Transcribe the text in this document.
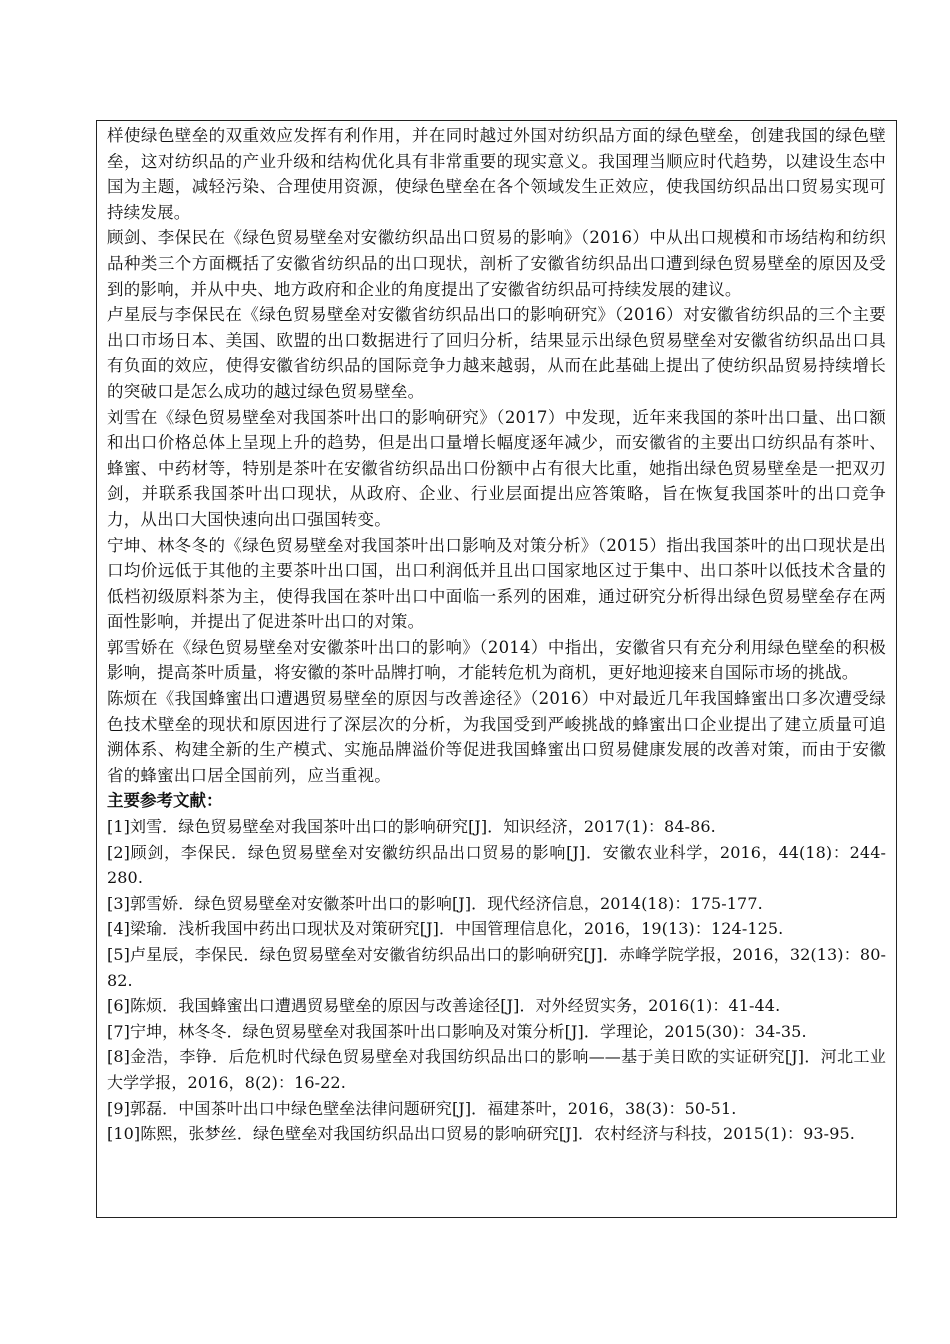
样使绿色壁垒的双重效应发挥有利作用，并在同时越过外国对纺织品方面的绿色壁垒，创建我国的绿色壁垒，这对纺织品的产业升级和结构优化具有非常重要的现实意义。我国理当顺应时代趋势，以建设生态中国为主题，减轻污染、合理使用资源，使绿色壁垒在各个领域发生正效应，使我国纺织品出口贸易实现可持续发展。

顾剑、李保民在《绿色贸易壁垒对安徽纺织品出口贸易的影响》（2016）中从出口规模和市场结构和纺织品种类三个方面概括了安徽省纺织品的出口现状，剖析了安徽省纺织品出口遭到绿色贸易壁垒的原因及受到的影响，并从中央、地方政府和企业的角度提出了安徽省纺织品可持续发展的建议。

卢星辰与李保民在《绿色贸易壁垒对安徽省纺织品出口的影响研究》（2016）对安徽省纺织品的三个主要出口市场日本、美国、欧盟的出口数据进行了回归分析，结果显示出绿色贸易壁垒对安徽省纺织品出口具有负面的效应，使得安徽省纺织品的国际竞争力越来越弱，从而在此基础上提出了使纺织品贸易持续增长的突破口是怎么成功的越过绿色贸易壁垒。

刘雪在《绿色贸易壁垒对我国茶叶出口的影响研究》（2017）中发现，近年来我国的茶叶出口量、出口额和出口价格总体上呈现上升的趋势，但是出口量增长幅度逐年减少，而安徽省的主要出口纺织品有茶叶、蜂蜜、中药材等，特别是茶叶在安徽省纺织品出口份额中占有很大比重，她指出绿色贸易壁垒是一把双刃剑，并联系我国茶叶出口现状，从政府、企业、行业层面提出应答策略，旨在恢复我国茶叶的出口竞争力，从出口大国快速向出口强国转变。

宁坤、林冬冬的《绿色贸易壁垒对我国茶叶出口影响及对策分析》（2015）指出我国茶叶的出口现状是出口均价远低于其他的主要茶叶出口国，出口利润低并且出口国家地区过于集中、出口茶叶以低技术含量的低档初级原料茶为主，使得我国在茶叶出口中面临一系列的困难，通过研究分析得出绿色贸易壁垒存在两面性影响，并提出了促进茶叶出口的对策。

郭雪娇在《绿色贸易壁垒对安徽茶叶出口的影响》（2014）中指出，安徽省只有充分利用绿色壁垒的积极影响，提高茶叶质量，将安徽的茶叶品牌打响，才能转危机为商机，更好地迎接来自国际市场的挑战。

陈烦在《我国蜂蜜出口遭遇贸易壁垒的原因与改善途径》（2016）中对最近几年我国蜂蜜出口多次遭受绿色技术壁垒的现状和原因进行了深层次的分析，为我国受到严峻挑战的蜂蜜出口企业提出了建立质量可追溯体系、构建全新的生产模式、实施品牌溢价等促进我国蜂蜜出口贸易健康发展的改善对策，而由于安徽省的蜂蜜出口居全国前列，应当重视。

主要参考文献：

[1]刘雪．绿色贸易壁垒对我国茶叶出口的影响研究[J]．知识经济，2017(1)：84-86.
[2]顾剑，李保民．绿色贸易壁垒对安徽纺织品出口贸易的影响[J]．安徽农业科学，2016，44(18)：244-280.
[3]郭雪娇．绿色贸易壁垒对安徽茶叶出口的影响[J]．现代经济信息，2014(18)：175-177.
[4]梁瑜．浅析我国中药出口现状及对策研究[J]．中国管理信息化，2016，19(13)：124-125.
[5]卢星辰，李保民．绿色贸易壁垒对安徽省纺织品出口的影响研究[J]．赤峰学院学报，2016，32(13)：80-82.
[6]陈烦．我国蜂蜜出口遭遇贸易壁垒的原因与改善途径[J]．对外经贸实务，2016(1)：41-44.
[7]宁坤，林冬冬．绿色贸易壁垒对我国茶叶出口影响及对策分析[J]．学理论，2015(30)：34-35.
[8]金浩，李铮．后危机时代绿色贸易壁垒对我国纺织品出口的影响——基于美日欧的实证研究[J]．河北工业大学学报，2016，8(2)：16-22.
[9]郭磊．中国茶叶出口中绿色壁垒法律问题研究[J]．福建茶叶，2016，38(3)：50-51.
[10]陈熙，张梦丝．绿色壁垒对我国纺织品出口贸易的影响研究[J]．农村经济与科技，2015(1)：93-95.
